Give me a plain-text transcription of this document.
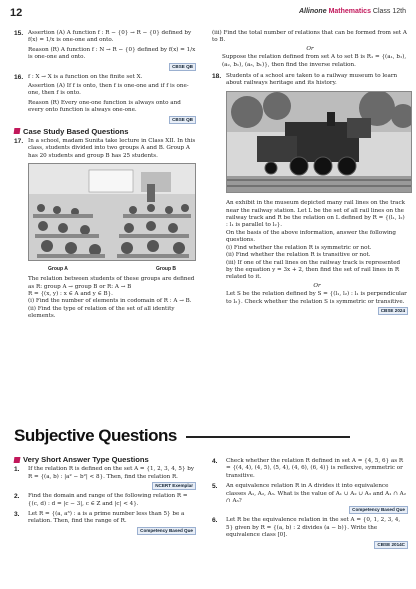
12	Allinone Mathematics Class 12th
15. Assertion (A) A function f : R − {0} → R − {0} defined by f(x) = 1/x is one-one and onto.
Reason (R) A function f : N → R − {0} defined by f(x) = 1/x is one-one and onto.
CBSE QB
16. f : X → X is a function on the finite set X.
Assertion (A) If f is onto, then f is one-one and if f is one-one, then f is onto.
Reason (R) Every one-one function is always onto and every onto function is always one-one.
CBSE QB
Case Study Based Questions
17. In a school, madam Sunita take lecture in Class XII. In this class, students divided into two groups A and B. Group A has 20 students and group B has 25 students.
Group A	Group B
The relation between students of these groups are defined as R: group A → group B or R: A → B
R = {(x, y) : x ∈ A and y ∈ B}.
(i) Find the number of elements in codomain of R : A → B.
(ii) Find the type of relation of the set of all identity elements.
(iii) Find the total number of relations that can be formed from set A to B.
Or
Suppose the relation defined from set A to set B is R₁ = {(a₁, b₁), (a₂, b₁), (a₃, b₁)}, then find the inverse relation.
18. Students of a school are taken to a railway museum to learn about railways heritage and its history.
An exhibit in the museum depicted many rail lines on the track near the railway station. Let L be the set of all rail lines on the railway track and R be the relation on L defined by R = {(l₁, l₂) : l₁ is parallel to l₂}.
On the basis of the above information, answer the following questions.
(i) Find whether the relation R is symmetric or not.
(ii) Find whether the relation R is transitive or not.
(iii) If one of the rail lines on the railway track is represented by the equation y = 3x + 2, then find the set of rail lines in R related to it.
Or
Let S be the relation defined by S = {(l₁, l₂) : l₁ is perpendicular to l₂}. Check whether the relation S is symmetric or transitive.
CBSE 2024
Subjective Questions
Very Short Answer Type Questions
1. If the relation R is defined on the set A = {1, 2, 3, 4, 5} by R = {(a, b) : |a² − b²| < 8}. Then, find the relation R.
NCERT Exemplar
2. Find the domain and range of the following relation R = {(c, d) : d = |c − 3|, c ∈ Z and |c| < 4}.
3. Let R = {(a, a³) : a is a prime number less than 5} be a relation. Then, find the range of R.
Competency Based Que
4. Check whether the relation R defined in set A = {4, 5, 6} as R = {(4, 4), (4, 5), (5, 4), (4, 6), (6, 4)} is reflexive, symmetric or transitive.
5. An equivalence relation R in A divides it into equivalence classes A₁, A₂, A₃. What is the value of A₁ ∪ A₂ ∪ A₃ and A₁ ∩ A₂ ∩ A₃?
Competency Based Que
6. Let R be the equivalence relation in the set A = {0, 1, 2, 3, 4, 5} given by R = {(a, b) : 2 divides (a − b)}. Write the equivalence class [0].
CBSE 2014C
